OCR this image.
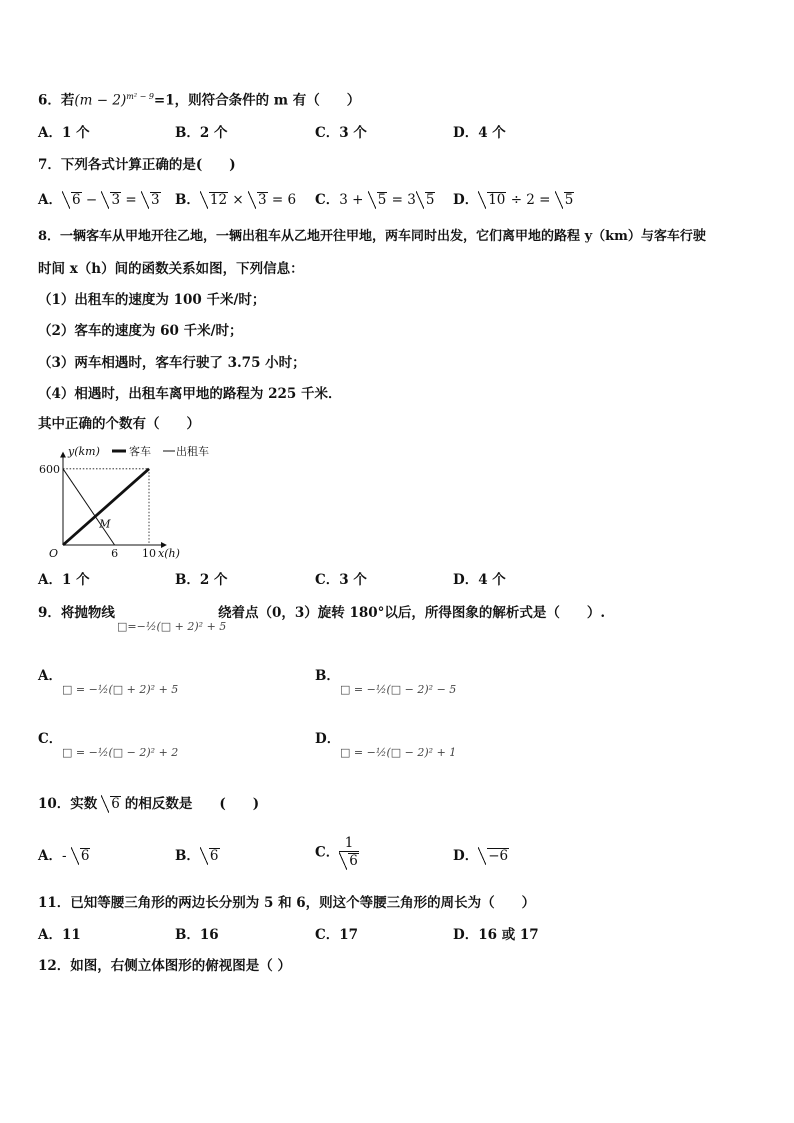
6．若$(m - 2)^{m^2 - 9}=1$，则符合条件的 m 有（　　）
A．1 个	B．2 个	C．3 个	D．4 个
7．下列各式计算正确的是(　　)
A． 6 − 3 = 3 B． 12 × 3 = 6 C．3 + 5 = 3 5 D． 10 ÷ 2 = 5
8．一辆客车从甲地开往乙地，一辆出租车从乙地开往甲地，两车同时出发，它们离甲地的路程 y（km）与客车行驶
时间 x（h）间的函数关系如图，下列信息：
（1）出租车的速度为 100 千米/时；
（2）客车的速度为 60 千米/时；
（3）两车相遇时，客车行驶了 3.75 小时；
（4）相遇时，出租车离甲地的路程为 225 千米．
其中正确的个数有（　　）
M
600
6 10
O	x(h)
y(km)	客车 出租车
A．1 个	B．2 个	C．3 个	D．4 个
9．将抛物线
□=−½(□ + 2)² + 5
绕着点（0，3）旋转 180°以后，所得图象的解析式是（　　）.
A．
□ = −½(□ + 2)² + 5
B．
□ = −½(□ − 2)² − 5
C．
□ = −½(□ − 2)² + 2
D．
□ = −½(□ − 2)² + 1
10．实数 6 的相反数是　　(　　)
A．- 6	B． 6	C． $\frac{1}{6}$	D． −6
11．已知等腰三角形的两边长分别为 5 和 6，则这个等腰三角形的周长为（　　）
A．11	B．16	C．17	D．16 或 17
12．如图，右侧立体图形的俯视图是（ ）
